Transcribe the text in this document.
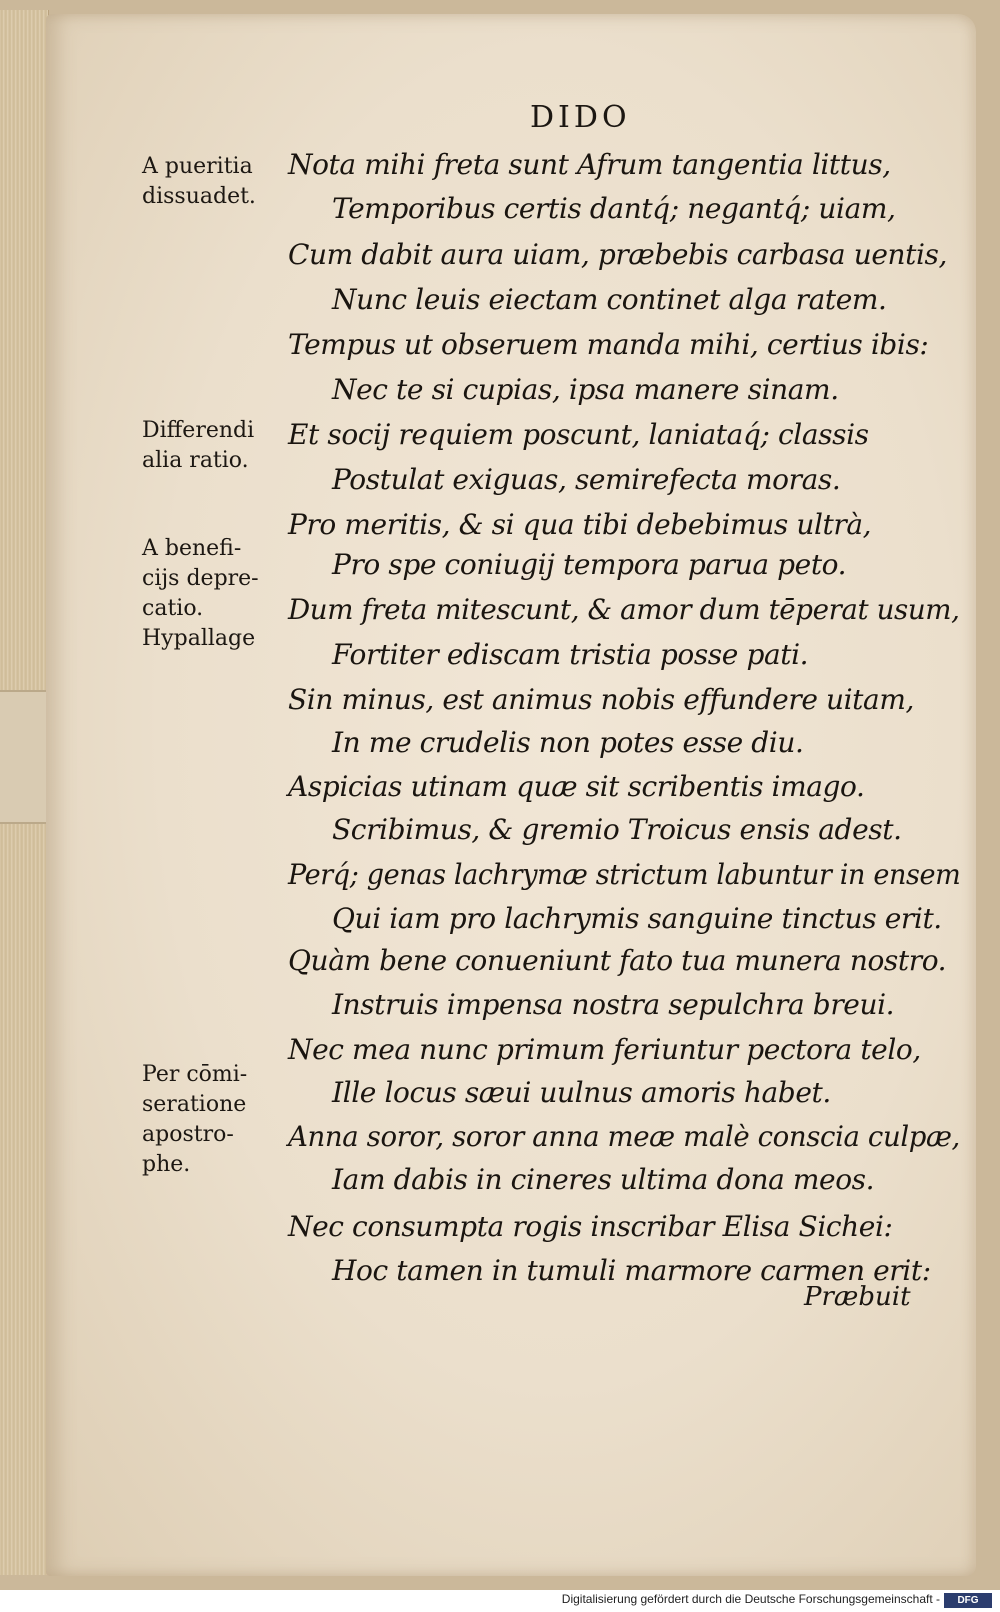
DIDO
A pueritia
dissuadet.
Differendi
alia ratio.
A benefi-
cijs depre-
catio.
Hypallage
Per cōmi-
seratione
apostro-
phe.
Nota mihi freta sunt Afrum tangentia littus,
Temporibus certis dantq́; negantq́; uiam,
Cum dabit aura uiam, præbebis carbasa uentis,
Nunc leuis eiectam continet alga ratem.
Tempus ut obseruem manda mihi, certius ibis:
Nec te si cupias, ipsa manere sinam.
Et socij requiem poscunt, laniataq́; classis
Postulat exiguas, semirefecta moras.
Pro meritis, & si qua tibi debebimus ultrà,
Pro spe coniugij tempora parua peto.
Dum freta mitescunt, & amor dum tēperat usum,
Fortiter ediscam tristia posse pati.
Sin minus, est animus nobis effundere uitam,
In me crudelis non potes esse diu.
Aspicias utinam quæ sit scribentis imago.
Scribimus, & gremio Troicus ensis adest.
Perq́; genas lachrymæ strictum labuntur in ensem
Qui iam pro lachrymis sanguine tinctus erit.
Quàm bene conueniunt fato tua munera nostro.
Instruis impensa nostra sepulchra breui.
Nec mea nunc primum feriuntur pectora telo,
Ille locus sæui uulnus amoris habet.
Anna soror, soror anna meæ malè conscia culpæ,
Iam dabis in cineres ultima dona meos.
Nec consumpta rogis inscribar Elisa Sichei:
Hoc tamen in tumuli marmore carmen erit:
Præbuit
Digitalisierung gefördert durch die Deutsche Forschungsgemeinschaft -	DFG
